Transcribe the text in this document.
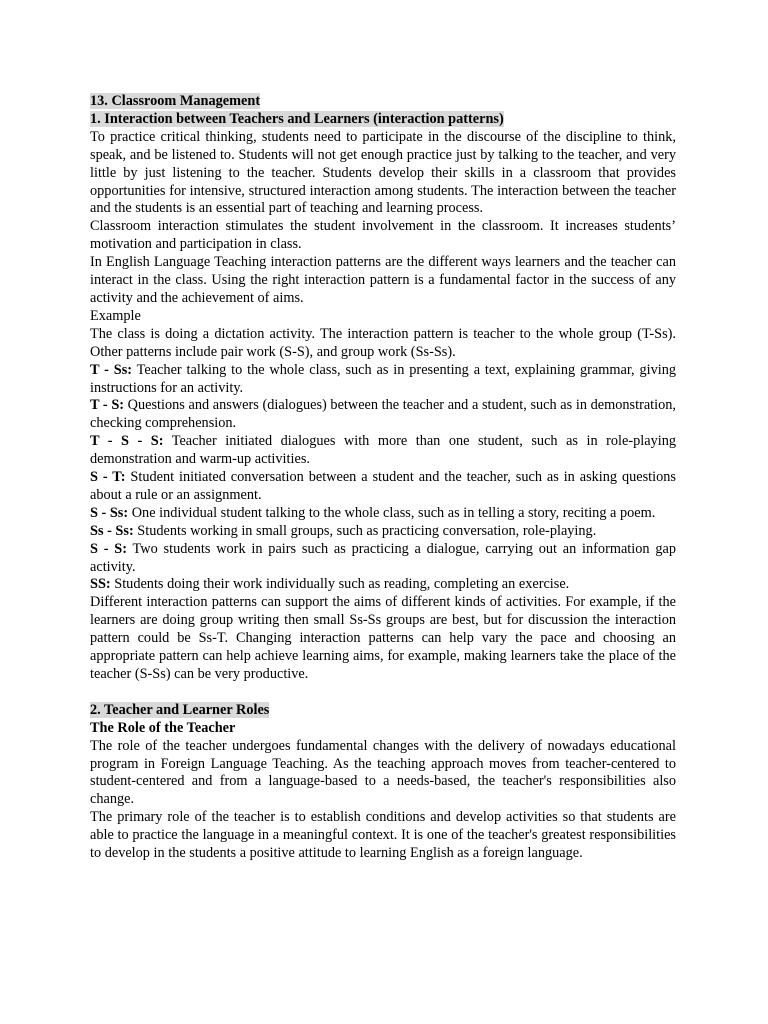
13. Classroom Management

1. Interaction between Teachers and Learners (interaction patterns)

To practice critical thinking, students need to participate in the discourse of the discipline to think, speak, and be listened to. Students will not get enough practice just by talking to the teacher, and very little by just listening to the teacher. Students develop their skills in a classroom that provides opportunities for intensive, structured interaction among students. The interaction between the teacher and the students is an essential part of teaching and learning process.

Classroom interaction stimulates the student involvement in the classroom. It increases students’ motivation and participation in class.

In English Language Teaching interaction patterns are the different ways learners and the teacher can interact in the class. Using the right interaction pattern is a fundamental factor in the success of any activity and the achievement of aims.

Example

The class is doing a dictation activity. The interaction pattern is teacher to the whole group (T-Ss). Other patterns include pair work (S-S), and group work (Ss-Ss).

T - Ss: Teacher talking to the whole class, such as in presenting a text, explaining grammar, giving instructions for an activity.

T - S: Questions and answers (dialogues) between the teacher and a student, such as in demonstration, checking comprehension.

T - S - S: Teacher initiated dialogues with more than one student, such as in role-playing demonstration and warm-up activities.

S - T: Student initiated conversation between a student and the teacher, such as in asking questions about a rule or an assignment.

S - Ss: One individual student talking to the whole class, such as in telling a story, reciting a poem.

Ss - Ss: Students working in small groups, such as practicing conversation, role-playing.

S - S: Two students work in pairs such as practicing a dialogue, carrying out an information gap activity.

SS: Students doing their work individually such as reading, completing an exercise.

Different interaction patterns can support the aims of different kinds of activities. For example, if the learners are doing group writing then small Ss-Ss groups are best, but for discussion the interaction pattern could be Ss-T. Changing interaction patterns can help vary the pace and choosing an appropriate pattern can help achieve learning aims, for example, making learners take the place of the teacher (S-Ss) can be very productive.

2. Teacher and Learner Roles

The Role of the Teacher

The role of the teacher undergoes fundamental changes with the delivery of nowadays educational program in Foreign Language Teaching. As the teaching approach moves from teacher-centered to student-centered and from a language-based to a needs-based, the teacher's responsibilities also change.

The primary role of the teacher is to establish conditions and develop activities so that students are able to practice the language in a meaningful context. It is one of the teacher's greatest responsibilities to develop in the students a positive attitude to learning English as a foreign language.
